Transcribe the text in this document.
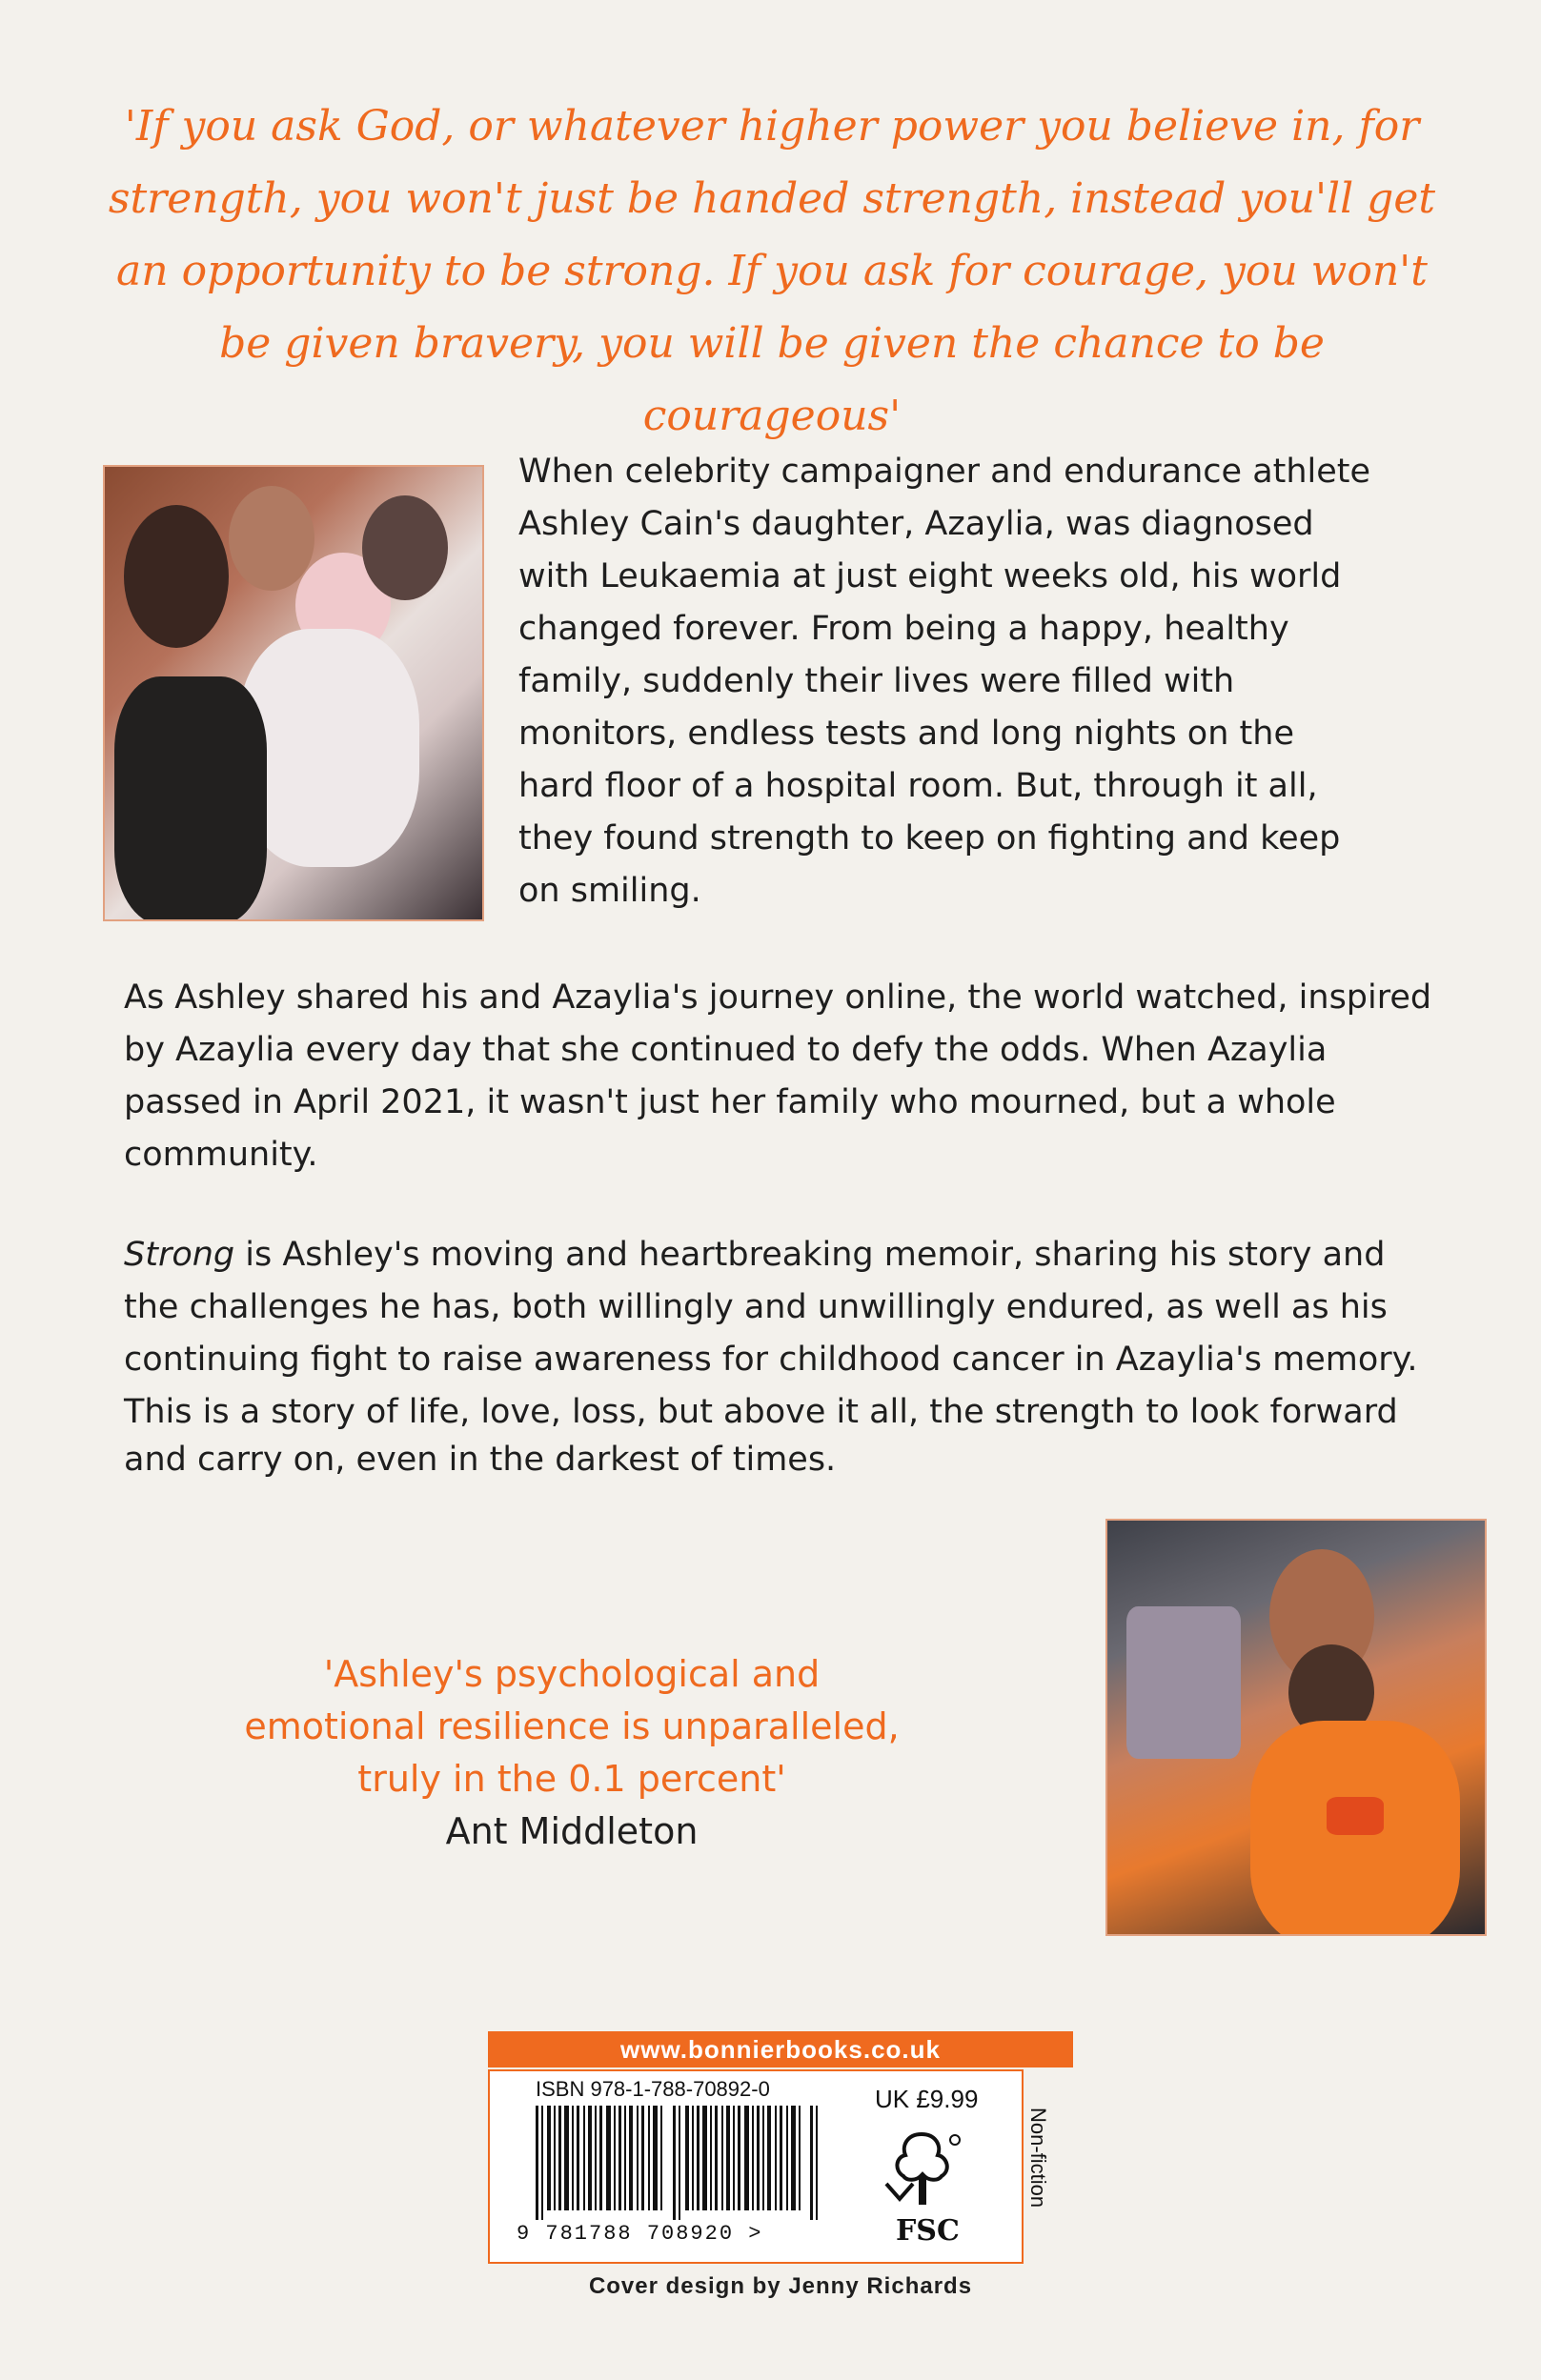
'If you ask God, or whatever higher power you believe in, for strength, you won't just be handed strength, instead you'll get an opportunity to be strong. If you ask for courage, you won't be given bravery, you will be given the chance to be courageous'

When celebrity campaigner and endurance athlete Ashley Cain's daughter, Azaylia, was diagnosed with Leukaemia at just eight weeks old, his world changed forever. From being a happy, healthy family, suddenly their lives were filled with monitors, endless tests and long nights on the hard floor of a hospital room. But, through it all, they found strength to keep on fighting and keep on smiling.

As Ashley shared his and Azaylia's journey online, the world watched, inspired by Azaylia every day that she continued to defy the odds. When Azaylia passed in April 2021, it wasn't just her family who mourned, but a whole community.

Strong is Ashley's moving and heartbreaking memoir, sharing his story and the challenges he has, both willingly and unwillingly endured, as well as his continuing fight to raise awareness for childhood cancer in Azaylia's memory. This is a story of life, love, loss, but above it all, the strength to look forward

and carry on, even in the darkest of times.

'Ashley's psychological and
emotional resilience is unparalleled,
truly in the 0.1 percent'
Ant Middleton
www.bonnierbooks.co.uk
ISBN 978-1-788-70892-0
9 781788 708920 >
UK £9.99
FSC
Non-fiction
Cover design by Jenny Richards
